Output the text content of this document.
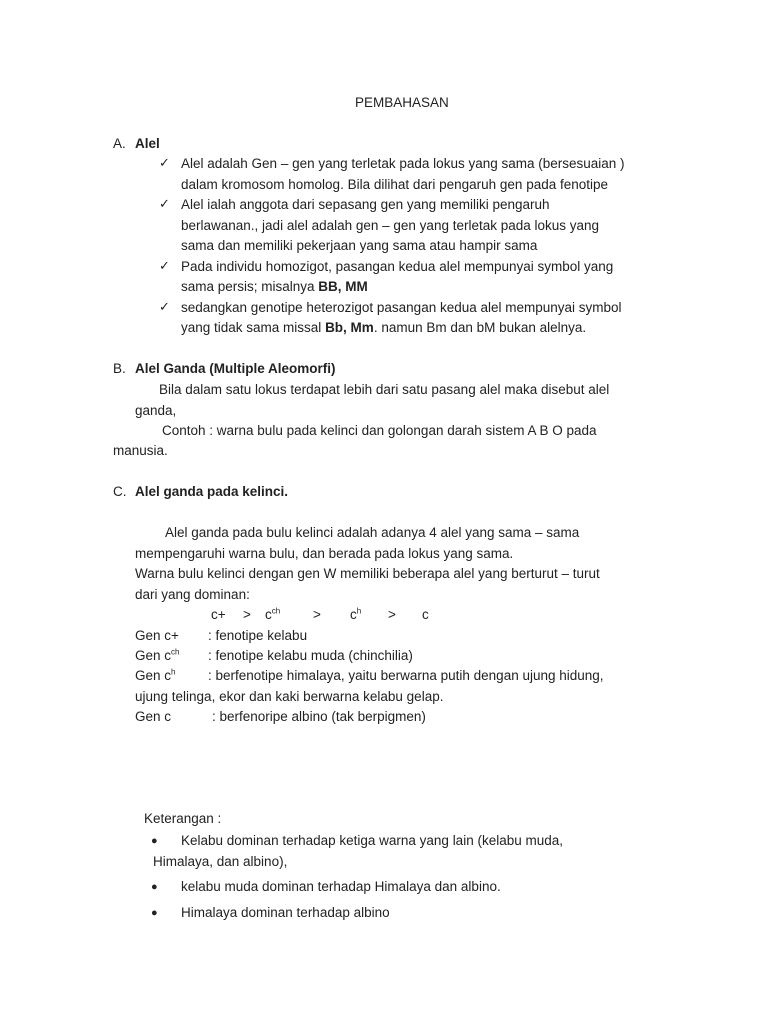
PEMBAHASAN
A. Alel
✓ Alel adalah Gen – gen yang terletak pada lokus yang sama (bersesuaian )
dalam kromosom homolog. Bila dilihat dari pengaruh gen pada fenotipe
✓ Alel ialah anggota dari sepasang gen yang memiliki pengaruh
berlawanan., jadi alel adalah gen – gen yang terletak pada lokus yang
sama dan memiliki pekerjaan yang sama atau hampir sama
✓ Pada individu homozigot, pasangan kedua alel mempunyai symbol yang
sama persis; misalnya BB, MM
✓ sedangkan genotipe heterozigot pasangan kedua alel mempunyai symbol
yang tidak sama missal Bb, Mm. namun Bm dan bM bukan alelnya.
B. Alel Ganda (Multiple Aleomorfi)
Bila dalam satu lokus terdapat lebih dari satu pasang alel maka disebut alel
ganda,
Contoh : warna bulu pada kelinci dan golongan darah sistem A B O pada
manusia.
C. Alel ganda pada kelinci.
Alel ganda pada bulu kelinci adalah adanya 4 alel yang sama – sama
mempengaruhi warna bulu, dan berada pada lokus yang sama.
Warna bulu kelinci dengan gen W memiliki beberapa alel yang berturut – turut
dari yang dominan:
$c+ > c^{ch} > c^h > c$
Gen c+ : fenotipe kelabu
Gen $c^{ch}$ : fenotipe kelabu muda (chinchilia)
Gen $c^h$ : berfenotipe himalaya, yaitu berwarna putih dengan ujung hidung,
ujung telinga, ekor dan kaki berwarna kelabu gelap.
Gen c	: berfenoripe albino (tak berpigmen)
Keterangan :
● Kelabu dominan terhadap ketiga warna yang lain (kelabu muda,
Himalaya, dan albino),
● kelabu muda dominan terhadap Himalaya dan albino.
● Himalaya dominan terhadap albino
